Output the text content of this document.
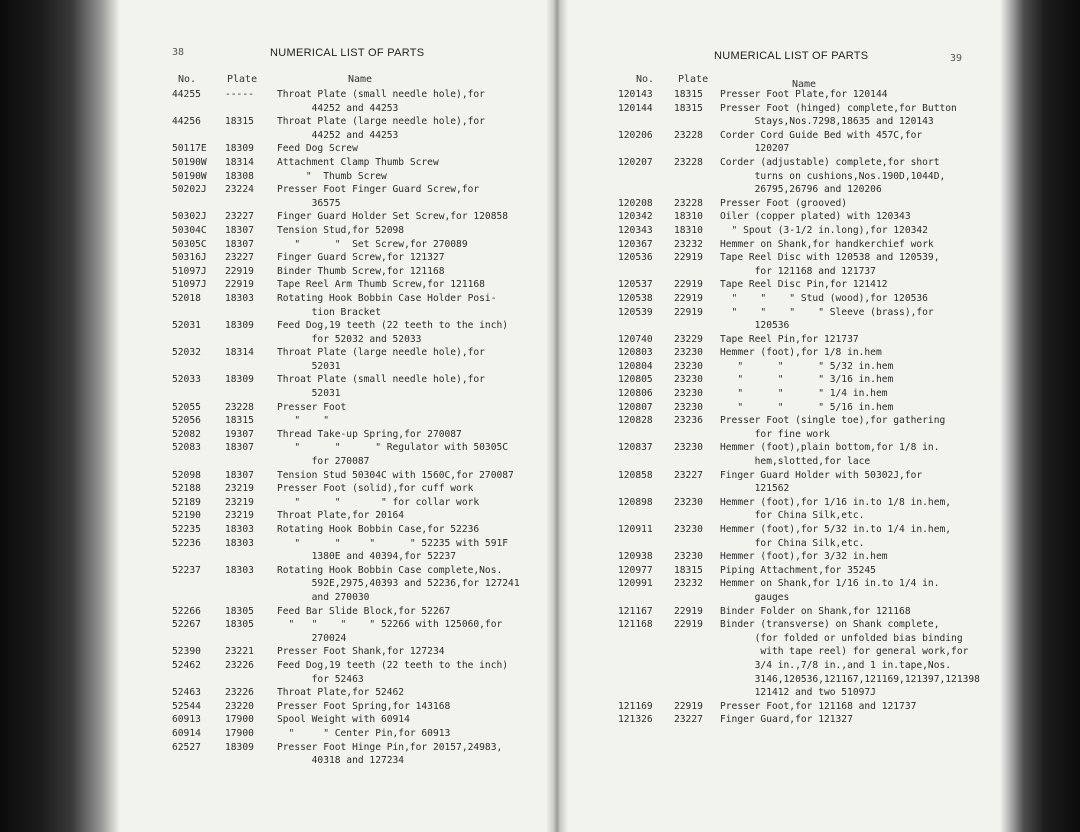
38	NUMERICAL LIST OF PARTS
No.	Plate	Name
44255	----- Throat Plate (small needle hole),for
44252 and 44253
44256	18315 Throat Plate (large needle hole),for
44252 and 44253
50117E 18309 Feed Dog Screw
50190W 18314 Attachment Clamp Thumb Screw
50190W 18308 "  Thumb Screw
50202J 23224 Presser Foot Finger Guard Screw,for
36575
50302J 23227 Finger Guard Holder Set Screw,for 120858
50304C 18307 Tension Stud,for 52098
50305C 18307 "      "  Set Screw,for 270089
50316J 23227 Finger Guard Screw,for 121327
51097J 22919 Binder Thumb Screw,for 121168
51097J 22919 Tape Reel Arm Thumb Screw,for 121168
52018	18303 Rotating Hook Bobbin Case Holder Posi-
tion Bracket
52031	18309 Feed Dog,19 teeth (22 teeth to the inch)
for 52032 and 52033
52032	18314 Throat Plate (large needle hole),for
52031
52033	18309 Throat Plate (small needle hole),for
52031
52055	23228 Presser Foot
52056	18315 "    "
52082	19307 Thread Take-up Spring,for 270087
52083	18307	"      "      " Regulator with 50305C
for 270087
52098	18307 Tension Stud 50304C with 1560C,for 270087
52188	23219 Presser Foot (solid),for cuff work
52189	23219 "      "       " for collar work
52190	23219 Throat Plate,for 20164
52235	18303 Rotating Hook Bobbin Case,for 52236
52236	18303	"      "     "      " 52235 with 591F
1380E and 40394,for 52237
52237	18303 Rotating Hook Bobbin Case complete,Nos.
592E,2975,40393 and 52236,for 127241
and 270030
52266	18305 Feed Bar Slide Block,for 52267
52267	18305	"   "    "    " 52266 with 125060,for
270024
52390	23221 Presser Foot Shank,for 127234
52462	23226 Feed Dog,19 teeth (22 teeth to the inch)
for 52463
52463	23226 Throat Plate,for 52462
52544	23220 Presser Foot Spring,for 143168
60913	17900 Spool Weight with 60914
60914	17900 "     " Center Pin,for 60913
62527	18309 Presser Foot Hinge Pin,for 20157,24983,
40318 and 127234
NUMERICAL LIST OF PARTS	39
No. Plate	Name
120143 18315 Presser Foot Plate,for 120144
120144 18315 Presser Foot (hinged) complete,for Button
Stays,Nos.7298,18635 and 120143
120206 23228 Corder Cord Guide Bed with 457C,for
120207
120207 23228 Corder (adjustable) complete,for short
turns on cushions,Nos.190D,1044D,
26795,26796 and 120206
120208 23228 Presser Foot (grooved)
120342 18310 Oiler (copper plated) with 120343
120343 18310 " Spout (3-1/2 in.long),for 120342
120367 23232 Hemmer on Shank,for handkerchief work
120536 22919 Tape Reel Disc with 120538 and 120539,
for 121168 and 121737
120537 22919 Tape Reel Disc Pin,for 121412
120538 22919 "    "    " Stud (wood),for 120536
120539 22919	"    "    "    " Sleeve (brass),for
120536
120740 23229 Tape Reel Pin,for 121737
120803 23230 Hemmer (foot),for 1/8 in.hem
120804 23230 "      "      " 5/32 in.hem
120805 23230 "      "      " 3/16 in.hem
120806 23230 "      "      " 1/4 in.hem
120807 23230 "      "      " 5/16 in.hem
120828 23236 Presser Foot (single toe),for gathering
for fine work
120837 23230 Hemmer (foot),plain bottom,for 1/8 in.
hem,slotted,for lace
120858 23227 Finger Guard Holder with 50302J,for
121562
120898 23230 Hemmer (foot),for 1/16 in.to 1/8 in.hem,
for China Silk,etc.
120911 23230 Hemmer (foot),for 5/32 in.to 1/4 in.hem,
for China Silk,etc.
120938 23230 Hemmer (foot),for 3/32 in.hem
120977 18315 Piping Attachment,for 35245
120991 23232 Hemmer on Shank,for 1/16 in.to 1/4 in.
gauges
121167 22919 Binder Folder on Shank,for 121168
121168 22919 Binder (transverse) on Shank complete,
(for folded or unfolded bias binding
with tape reel) for general work,for
3/4 in.,7/8 in.,and 1 in.tape,Nos.
3146,120536,121167,121169,121397,121398
121412 and two 51097J
121169 22919 Presser Foot,for 121168 and 121737
121326 23227 Finger Guard,for 121327
